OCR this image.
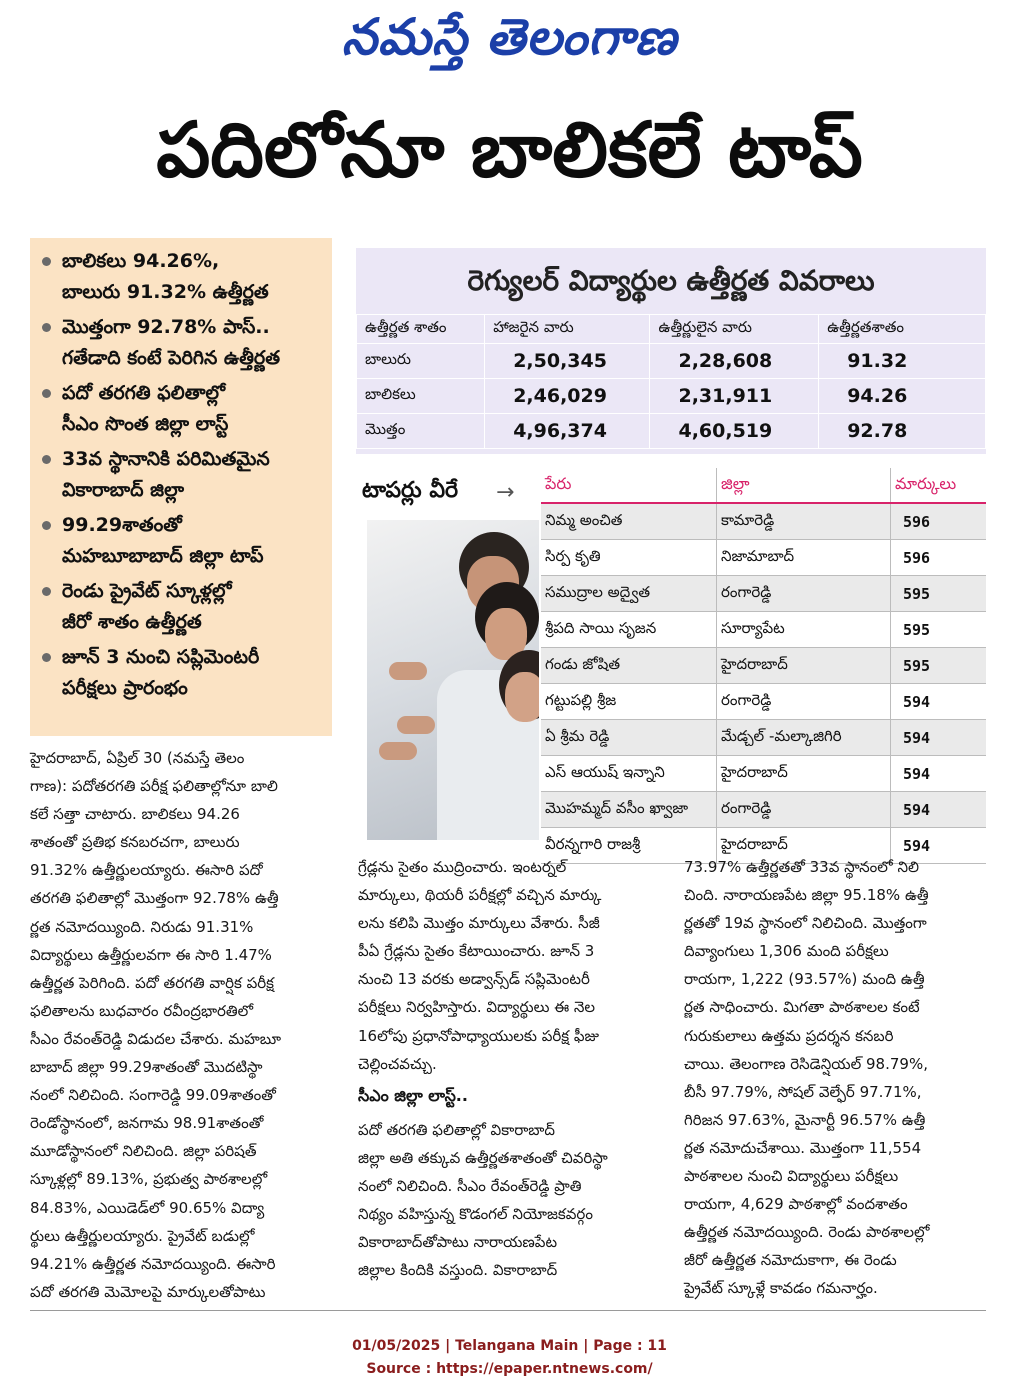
నమస్తే తెలంగాణ
పదిలోనూ బాలికలే టాప్
బాలికలు 94.26%,
బాలురు 91.32% ఉత్తీర్ణత
మొత్తంగా 92.78% పాస్..
గతేడాది కంటే పెరిగిన ఉత్తీర్ణత
పదో తరగతి ఫలితాల్లో
సీఎం సొంత జిల్లా లాస్ట్
33వ స్థానానికి పరిమితమైన
వికారాబాద్ జిల్లా
99.29శాతంతో
మహబూబాబాద్ జిల్లా టాప్
రెండు ప్రైవేట్ స్కూళ్లల్లో
జీరో శాతం ఉత్తీర్ణత
జూన్ 3 నుంచి సప్లిమెంటరీ
పరీక్షలు ప్రారంభం
రెగ్యులర్ విద్యార్థుల ఉత్తీర్ణత వివరాలు
ఉత్తీర్ణత శాతం	హాజరైన వారు	ఉత్తీర్ణులైన వారు	ఉత్తీర్ణతశాతం
బాలురు	2,50,345	2,28,608	91.32
బాలికలు	2,46,029	2,31,911	94.26
మొత్తం	4,96,374	4,60,519	92.78
టాపర్లు వీరే → పేరు	జిల్లా	మార్కులు
నిమ్మ అంచిత	కామారెడ్డి	596
సిర్ప కృతి	నిజామాబాద్	596
సముద్రాల అద్వైత	రంగారెడ్డి	595
శ్రీపది సాయి సృజన	సూర్యాపేట	595
గండు జోషిత	హైదరాబాద్	595
గట్టుపల్లి శ్రీజ	రంగారెడ్డి	594
ఏ శ్రీమ రెడ్డి	మేడ్చల్ -మల్కాజిగిరి	594
ఎస్ ఆయుష్ ఇన్నాని	హైదరాబాద్	594
మొహమ్మద్ వసీం ఖ్వాజా	రంగారెడ్డి	594
వీరన్నగారి రాజశ్రీ	హైదరాబాద్	594
హైదరాబాద్, ఏప్రిల్ 30 (నమస్తే తెలం
గాణ): పదోతరగతి పరీక్ష ఫలితాల్లోనూ బాలి
కలే సత్తా చాటారు. బాలికలు 94.26
శాతంతో ప్రతిభ కనబరచగా, బాలురు
91.32% ఉత్తీర్ణులయ్యారు. ఈసారి పదో
తరగతి ఫలితాల్లో మొత్తంగా 92.78% ఉత్తీ
ర్ణత నమోదయ్యింది. నిరుడు 91.31%
విద్యార్థులు ఉత్తీర్ణులవగా ఈ సారి 1.47%
ఉత్తీర్ణత పెరిగింది. పదో తరగతి వార్షిక పరీక్ష
ఫలితాలను బుధవారం రవీంద్రభారతిలో
సీఎం రేవంత్‌రెడ్డి విడుదల చేశారు. మహబూ
బాబాద్ జిల్లా 99.29శాతంతో మొదటిస్థా
నంలో నిలిచింది. సంగారెడ్డి 99.09శాతంతో
రెండోస్థానంలో, జనగామ 98.91శాతంతో
మూడోస్థానంలో నిలిచింది. జిల్లా పరిషత్
స్కూళ్లల్లో 89.13%, ప్రభుత్వ పాఠశాలల్లో
84.83%, ఎయిడెడ్‌లో 90.65% విద్యా
ర్థులు ఉత్తీర్ణులయ్యారు. ప్రైవేట్ బడుల్లో
94.21% ఉత్తీర్ణత నమోదయ్యింది. ఈసారి
పదో తరగతి మెమోలపై మార్కులతోపాటు
గ్రేడ్లను సైతం ముద్రించారు. ఇంటర్నల్
మార్కులు, థియరీ పరీక్షల్లో వచ్చిన మార్కు
లను కలిపి మొత్తం మార్కులు వేశారు. సీజీ
పీఏ గ్రేడ్లను సైతం కేటాయించారు. జూన్ 3
నుంచి 13 వరకు అడ్వాన్స్‌డ్ సప్లిమెంటరీ
పరీక్షలు నిర్వహిస్తారు. విద్యార్థులు ఈ నెల
16లోపు ప్రధానోపాధ్యాయులకు పరీక్ష ఫీజు
చెల్లించవచ్చు.
సీఎం జిల్లా లాస్ట్..
పదో తరగతి ఫలితాల్లో వికారాబాద్
జిల్లా అతి తక్కువ ఉత్తీర్ణతశాతంతో చివరిస్థా
నంలో నిలిచింది. సీఎం రేవంత్‌రెడ్డి ప్రాతి
నిథ్యం వహిస్తున్న కొడంగల్ నియోజకవర్గం
వికారాబాద్‌తోపాటు నారాయణపేట
జిల్లాల కిందికి వస్తుంది. వికారాబాద్
73.97% ఉత్తీర్ణతతో 33వ స్థానంలో నిలి
చింది. నారాయణపేట జిల్లా 95.18% ఉత్తీ
ర్ణతతో 19వ స్థానంలో నిలిచింది. మొత్తంగా
దివ్యాంగులు 1,306 మంది పరీక్షలు
రాయగా, 1,222 (93.57%) మంది ఉత్తీ
ర్ణత సాధించారు. మిగతా పాఠశాలల కంటే
గురుకులాలు ఉత్తమ ప్రదర్శన కనబరి
చాయి. తెలంగాణ రెసిడెన్షియల్ 98.79%,
బీసీ 97.79%, సోషల్ వెల్ఫేర్ 97.71%,
గిరిజన 97.63%, మైనార్టీ 96.57% ఉత్తీ
ర్ణత నమోదుచేశాయి. మొత్తంగా 11,554
పాఠశాలల నుంచి విద్యార్థులు పరీక్షలు
రాయగా, 4,629 పాఠశాల్లో వందశాతం
ఉత్తీర్ణత నమోదయ్యింది. రెండు పాఠశాలల్లో
జీరో ఉత్తీర్ణత నమోదుకాగా, ఈ రెండు
ప్రైవేట్ స్కూళ్లే కావడం గమనార్హం.
01/05/2025 | Telangana Main | Page : 11
Source : https://epaper.ntnews.com/
